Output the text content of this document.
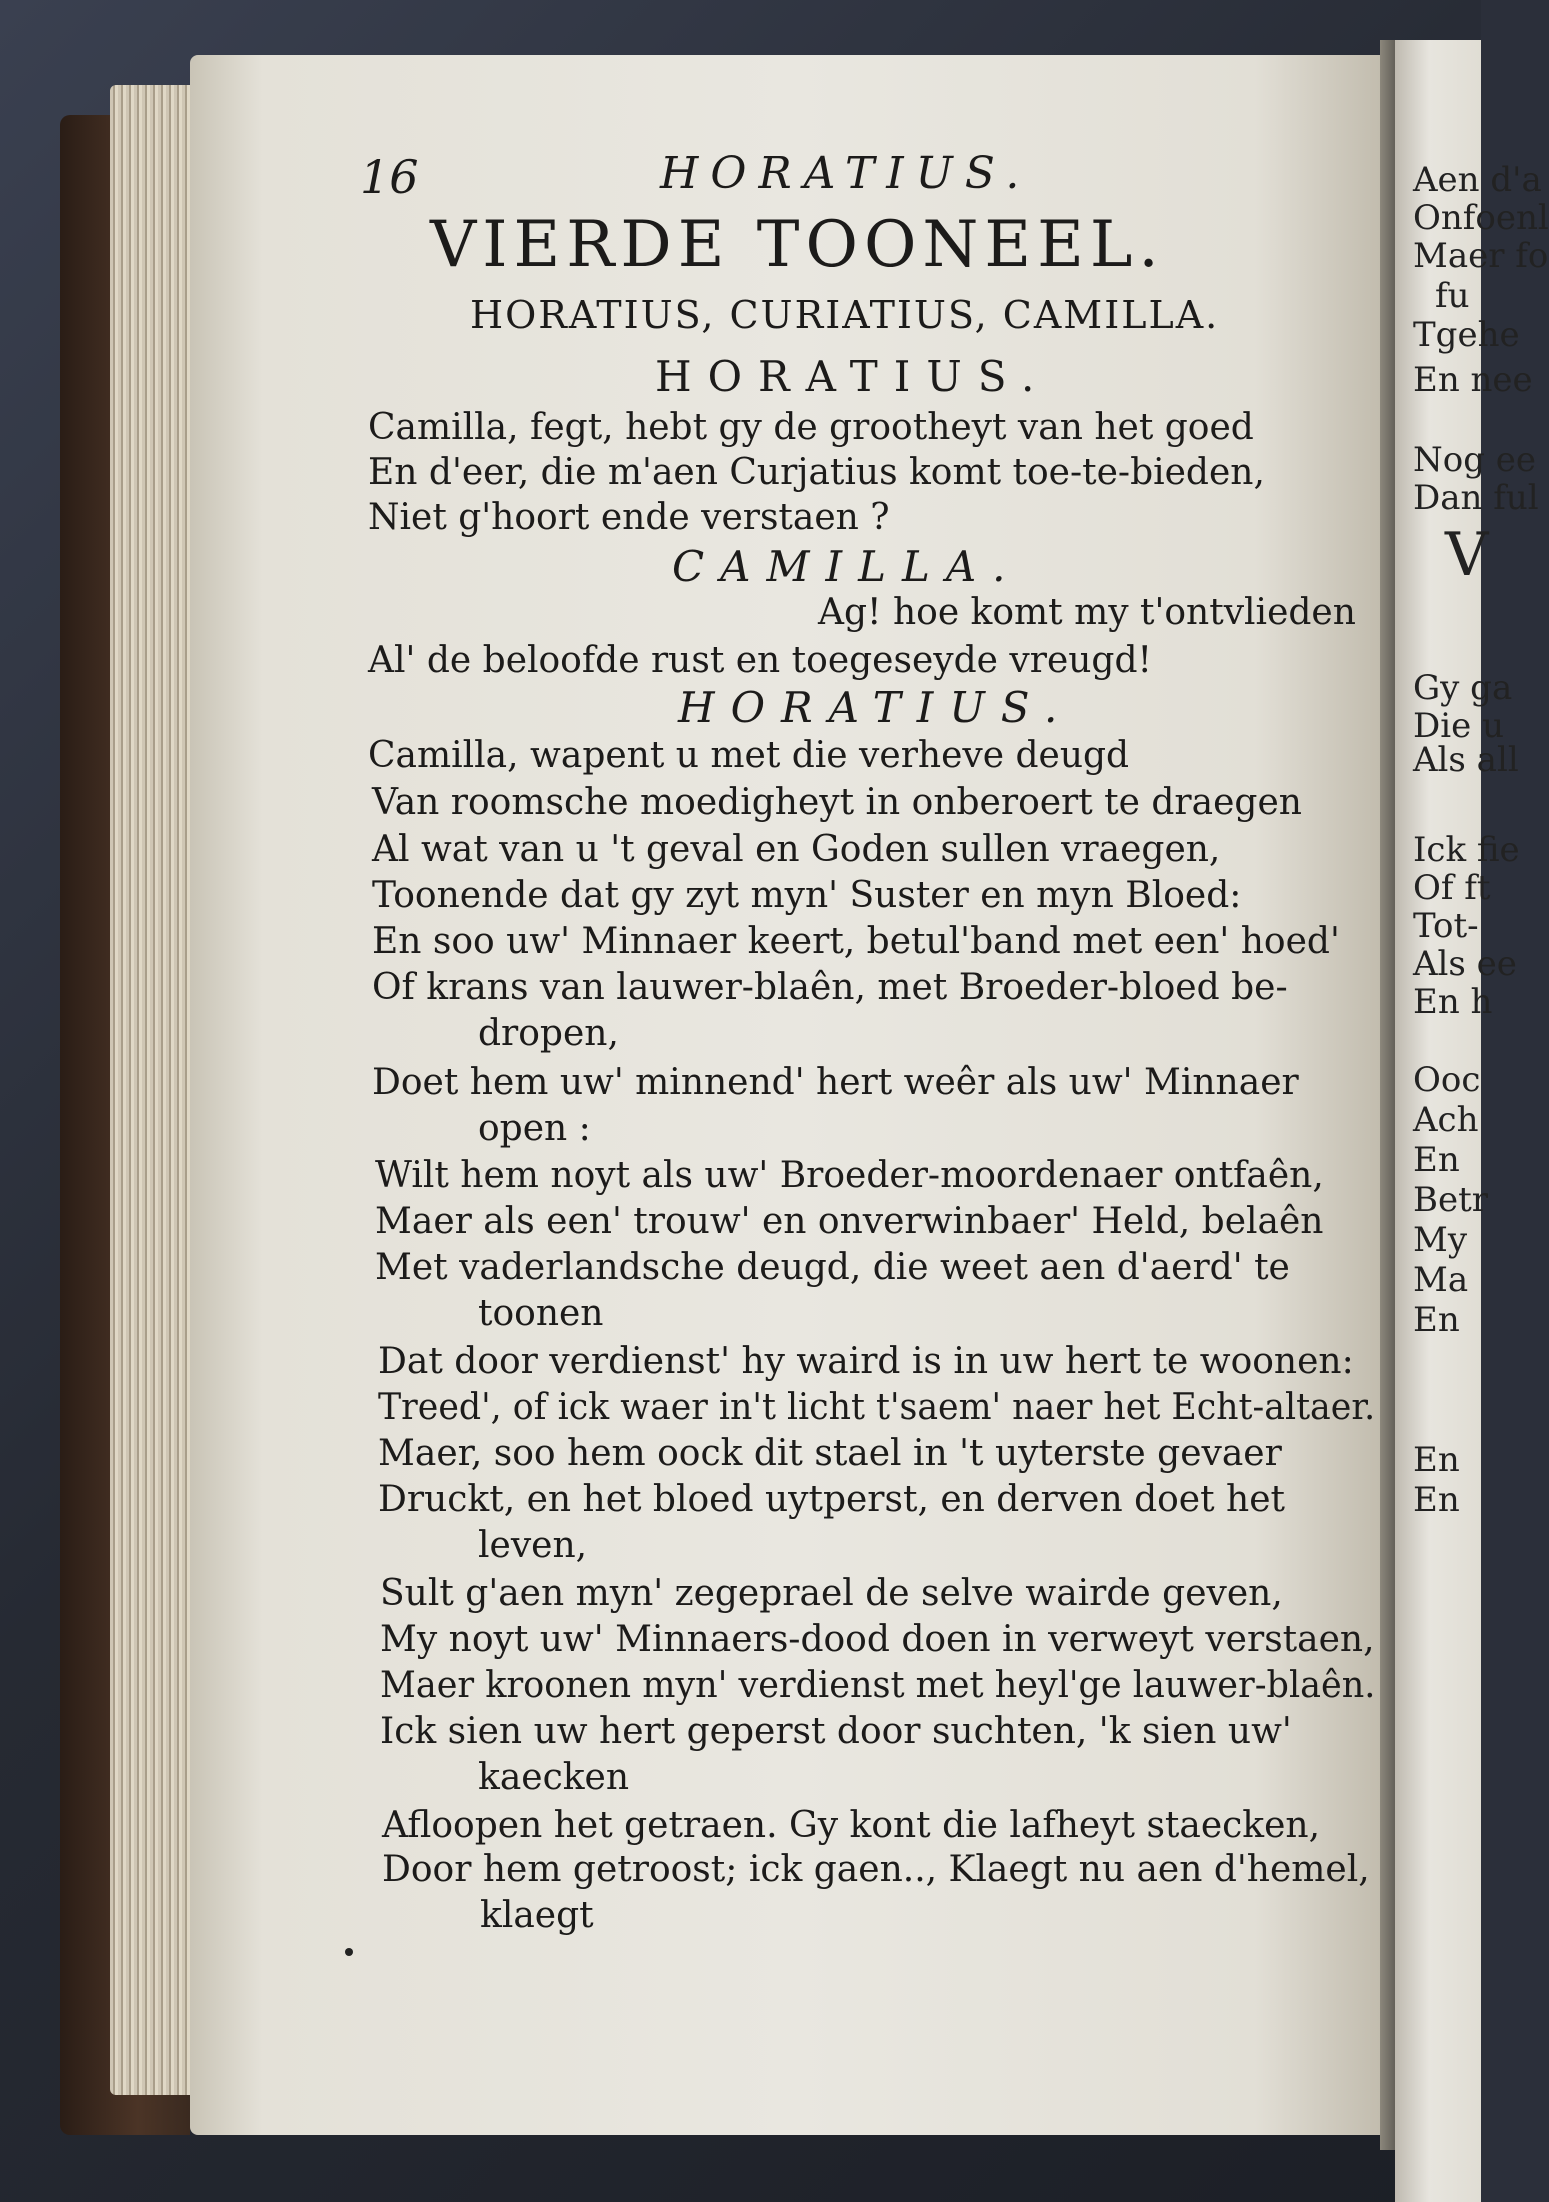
Aen d'a
Onfoenl
Maer fo
fu
Tgehe
En nee
Nog ee
Dan ful
V
Gy ga
Die u
Als all
Ick fie
Of ft
Tot-
Als ee
En h
Ooc
Ach
En
Betr
My
Ma
En
En
En
16	HORATIUS.
VIERDE TOONEEL.
HORATIUS, CURIATIUS, CAMILLA.
HORATIUS.
Camilla, fegt, hebt gy de grootheyt van het goed
En d'eer, die m'aen Curjatius komt toe-te-bieden,
Niet g'hoort ende verstaen ?
CAMILLA.
Ag! hoe komt my t'ontvlieden
Al' de beloofde rust en toegeseyde vreugd!
HORATIUS.
Camilla, wapent u met die verheve deugd
Van roomsche moedigheyt in onberoert te draegen
Al wat van u 't geval en Goden sullen vraegen,
Toonende dat gy zyt myn' Suster en myn Bloed:
En soo uw' Minnaer keert, betul'band met een' hoed'
Of krans van lauwer-blaên, met Broeder-bloed be-
dropen,
Doet hem uw' minnend' hert weêr als uw' Minnaer
open :
Wilt hem noyt als uw' Broeder-moordenaer ontfaên,
Maer als een' trouw' en onverwinbaer' Held, belaên
Met vaderlandsche deugd, die weet aen d'aerd' te
toonen
Dat door verdienst' hy waird is in uw hert te woonen:
Treed', of ick waer in't licht t'saem' naer het Echt-altaer.
Maer, soo hem oock dit stael in 't uyterste gevaer
Druckt, en het bloed uytperst, en derven doet het
leven,
Sult g'aen myn' zegeprael de selve wairde geven,
My noyt uw' Minnaers-dood doen in verweyt verstaen,
Maer kroonen myn' verdienst met heyl'ge lauwer-blaên.
Ick sien uw hert geperst door suchten, 'k sien uw'
kaecken
Afloopen het getraen. Gy kont die lafheyt staecken,
Door hem getroost; ick gaen.., Klaegt nu aen d'hemel,
klaegt
